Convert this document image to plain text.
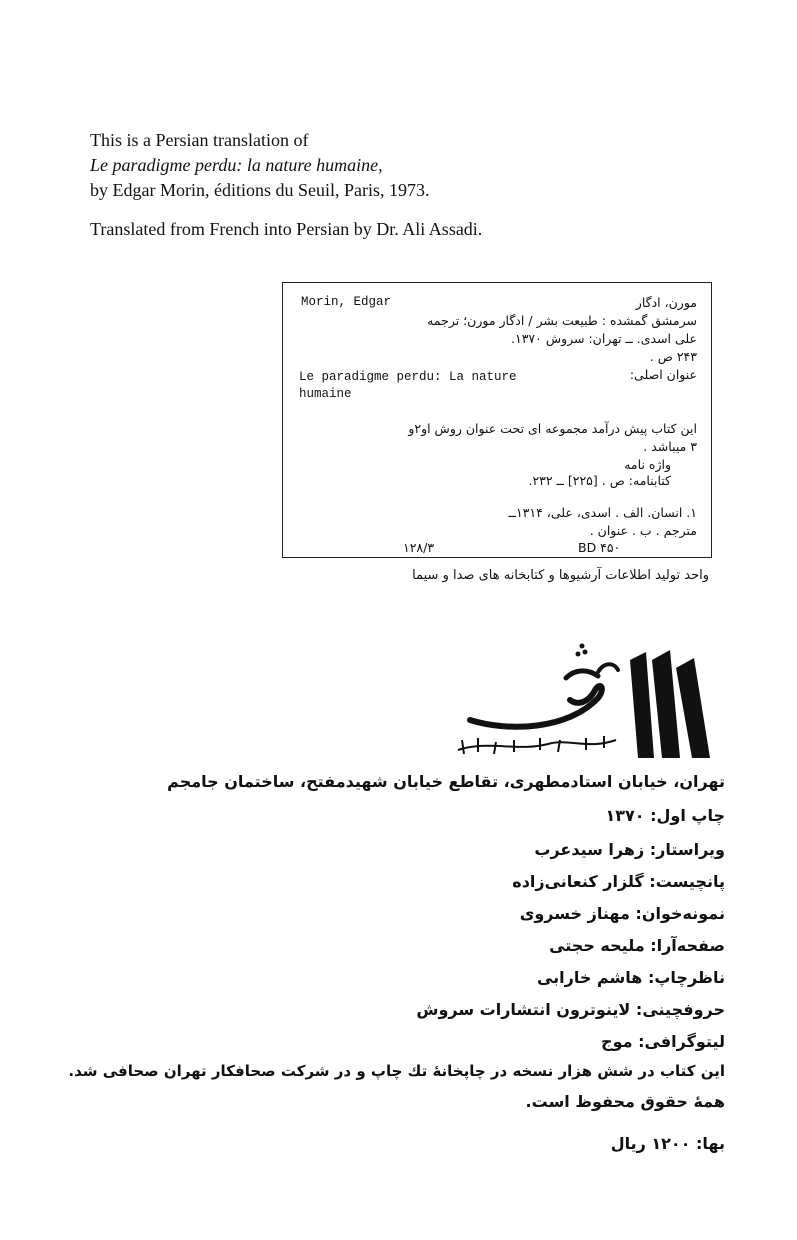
This is a Persian translation of
Le paradigme perdu: la nature humaine,
by Edgar Morin, éditions du Seuil, Paris, 1973.
Translated from French into Persian by Dr. Ali Assadi.
Morin, Edgar	مورن، ادگار
سرمشق گمشده : طبیعت بشر / ادگار مورن؛ ترجمه
علی اسدی. ــ تهران: سروش ۱۳۷۰.
۲۴۳ ص .
عنوان اصلی:
Le paradigme perdu: La nature humaine
این کتاب پیش درآمد مجموعه ای تحت عنوان روش او۲و
۳ میباشد .
واژه نامه
کتابنامه: ص . [۲۲۵] ــ ۲۳۲.
۱. انسان. الف . اسدی، علی، ۱۳۱۴ــ
مترجم . ب . عنوان .
۱۲۸/۳	BD ۴۵۰
واحد تولید اطلاعات آرشیوها و کتابخانه های صدا و سیما
تهران، خیابان استادمطهری، تقاطع خیابان شهیدمفتح، ساختمان جامجم
چاپ اول: ۱۳۷۰
ویراستار: زهرا سیدعرب
پانچیست: گلزار کنعانی‌زاده
نمونه‌خوان: مهناز خسروی
صفحه‌آرا: ملیحه حجتی
ناظرچاپ: هاشم خارابی
حروفچینی: لاینوترون انتشارات سروش
لیتوگرافی: موج
این کتاب در شش هزار نسخه در چاپخانهٔ تك چاپ و در شرکت صحافکار تهران صحافی شد.
همهٔ حقوق محفوظ است.
بها: ۱۲۰۰ ریال
